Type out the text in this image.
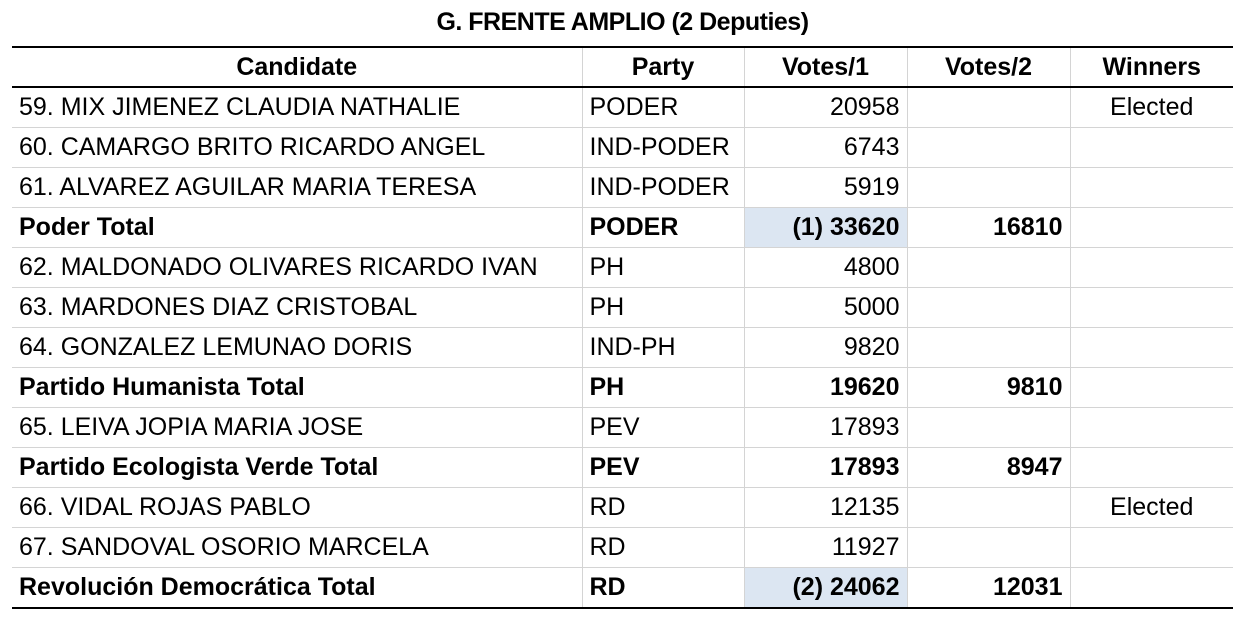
G. FRENTE AMPLIO (2 Deputies)
Candidate	Party	Votes/1	Votes/2	Winners
59. MIX JIMENEZ CLAUDIA NATHALIE	PODER	20958		Elected
60. CAMARGO BRITO RICARDO ANGEL	IND-PODER	6743		
61. ALVAREZ AGUILAR MARIA TERESA	IND-PODER	5919		
Poder Total	PODER	(1) 33620	16810	
62. MALDONADO OLIVARES RICARDO IVAN	PH	4800		
63. MARDONES DIAZ CRISTOBAL	PH	5000		
64. GONZALEZ LEMUNAO DORIS	IND-PH	9820		
Partido Humanista Total	PH	19620	9810	
65. LEIVA JOPIA MARIA JOSE	PEV	17893		
Partido Ecologista Verde Total	PEV	17893	8947	
66. VIDAL ROJAS PABLO	RD	12135		Elected
67. SANDOVAL OSORIO MARCELA	RD	11927		
Revolución Democrática Total	RD	(2) 24062	12031	
